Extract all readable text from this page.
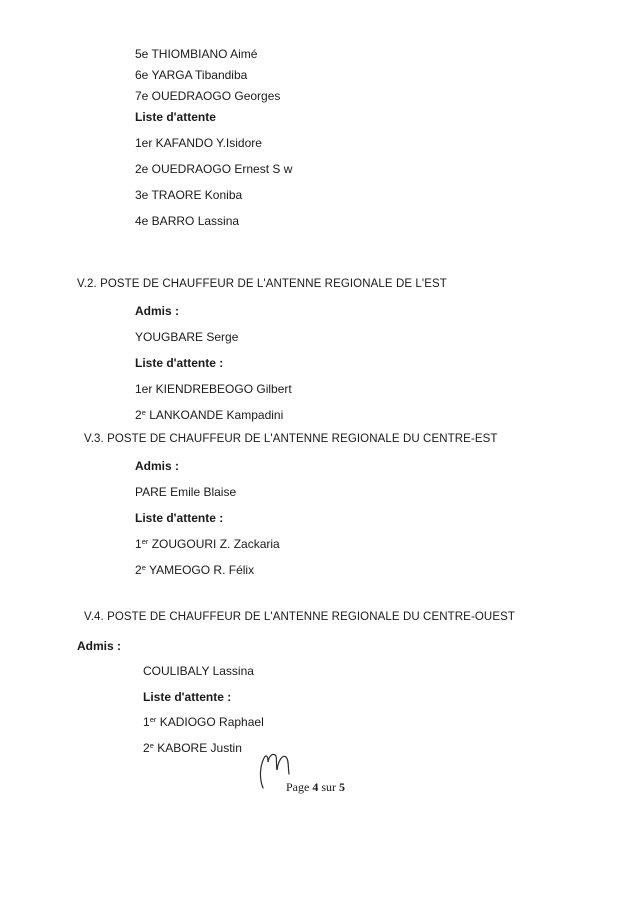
5e THIOMBIANO Aimé
6e YARGA Tibandiba
7e OUEDRAOGO Georges
Liste d'attente
1er KAFANDO Y.Isidore
2e OUEDRAOGO Ernest S w
3e TRAORE Koniba
4e BARRO Lassina
V.2. POSTE DE CHAUFFEUR DE L'ANTENNE REGIONALE DE L'EST
Admis :
YOUGBARE Serge
Liste d'attente :
1er KIENDREBEOGO Gilbert
2e LANKOANDE Kampadini
V.3. POSTE DE CHAUFFEUR DE L'ANTENNE REGIONALE DU CENTRE-EST
Admis :
PARE Emile Blaise
Liste d'attente :
1er ZOUGOURI Z. Zackaria
2e YAMEOGO R. Félix
V.4. POSTE DE CHAUFFEUR DE L'ANTENNE REGIONALE DU CENTRE-OUEST
Admis :
COULIBALY Lassina
Liste d'attente :
1er KADIOGO Raphael
2e KABORE Justin
Page 4 sur 5
